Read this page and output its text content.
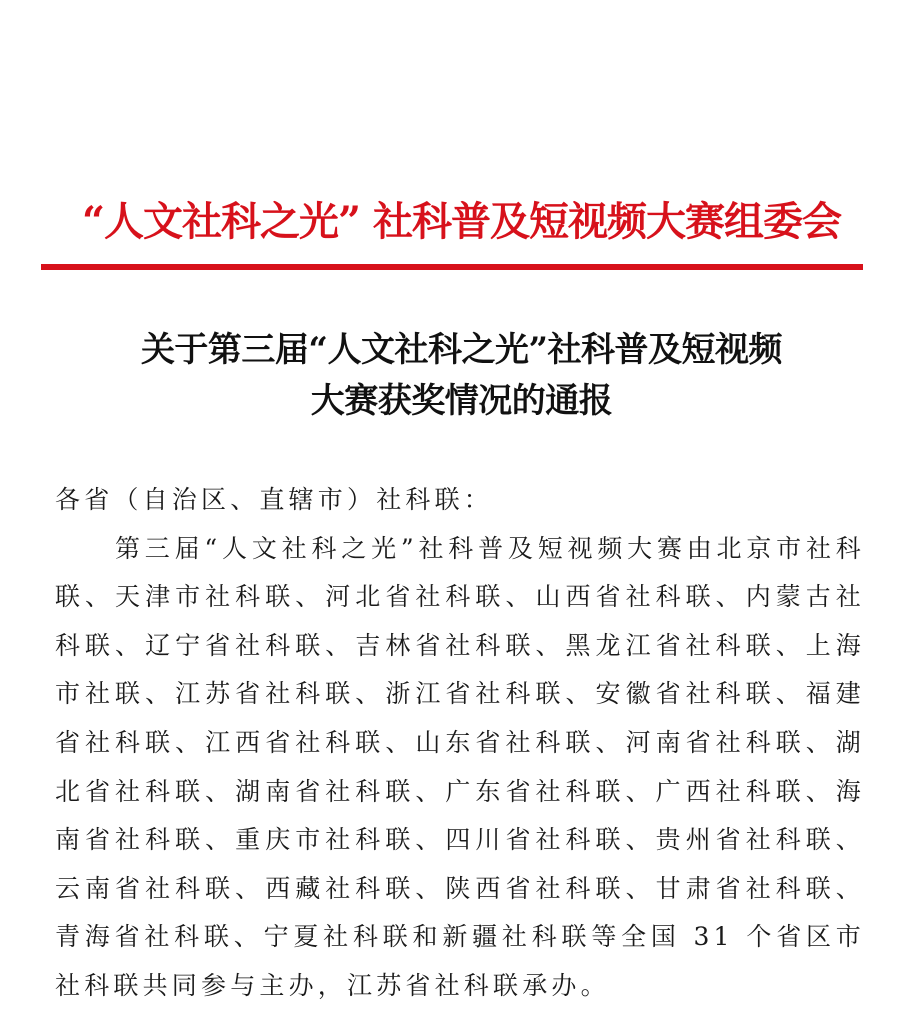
“人文社科之光” 社科普及短视频大赛组委会
关于第三届“人文社科之光”社科普及短视频
大赛获奖情况的通报

各省（自治区、直辖市）社科联：

第三届“人文社科之光”社科普及短视频大赛由北京市社科联、天津市社科联、河北省社科联、山西省社科联、内蒙古社科联、辽宁省社科联、吉林省社科联、黑龙江省社科联、上海市社联、江苏省社科联、浙江省社科联、安徽省社科联、福建省社科联、江西省社科联、山东省社科联、河南省社科联、湖北省社科联、湖南省社科联、广东省社科联、广西社科联、海南省社科联、重庆市社科联、四川省社科联、贵州省社科联、云南省社科联、西藏社科联、陕西省社科联、甘肃省社科联、青海省社科联、宁夏社科联和新疆社科联等全国 31 个省区市社科联共同参与主办，江苏省社科联承办。
